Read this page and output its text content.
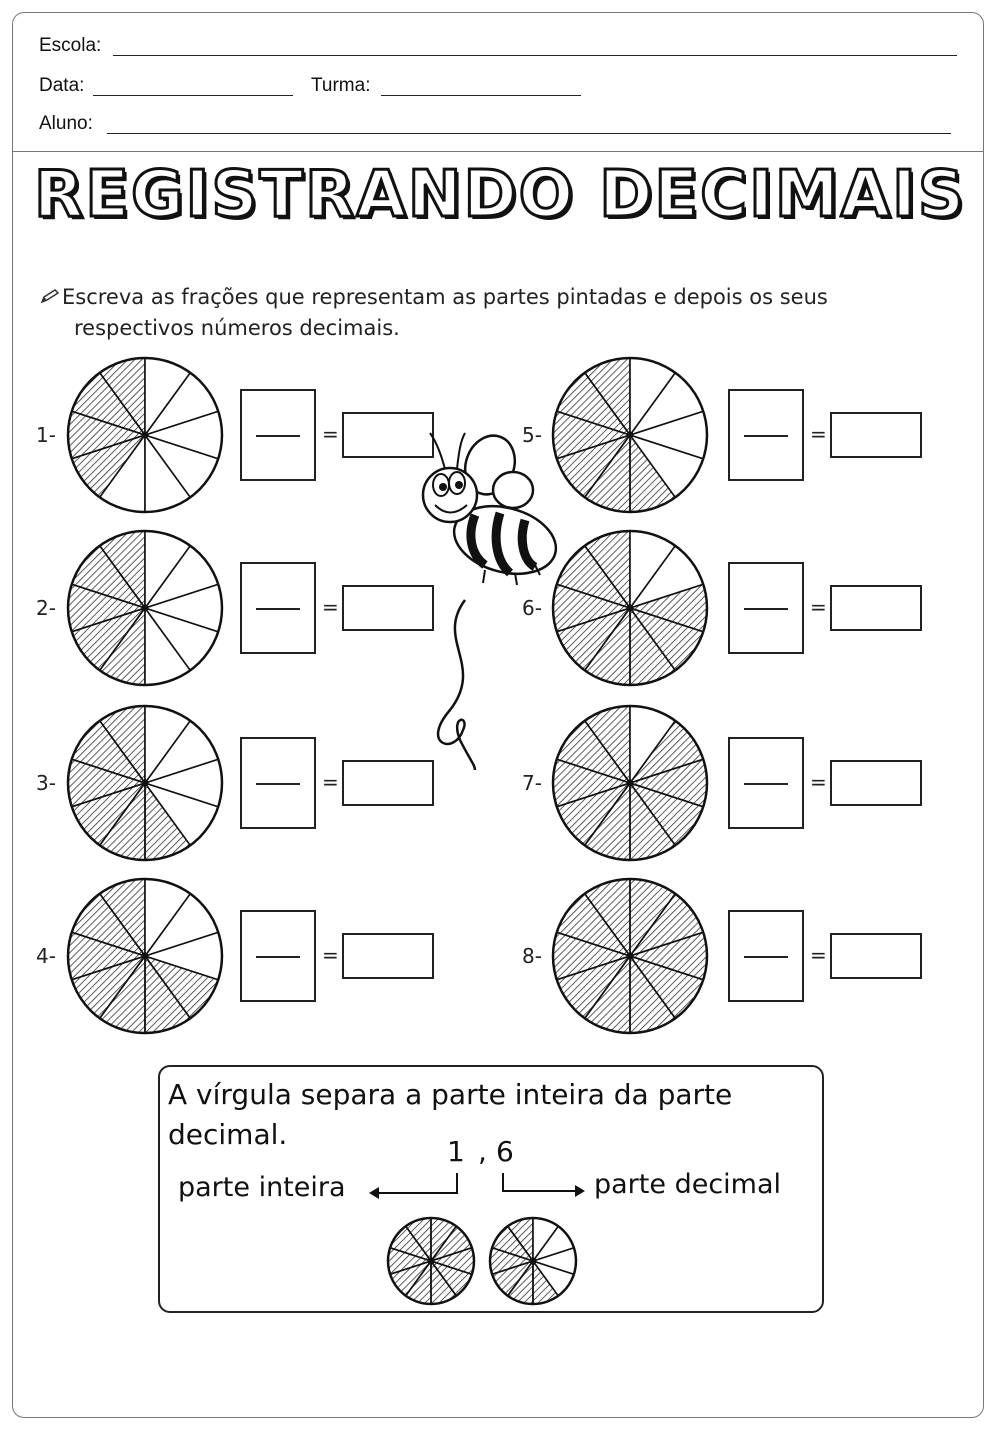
Escola:
Data:	Turma:
Aluno:
REGISTRANDO DECIMAIS
Escreva as frações que representam as partes pintadas e depois os seus
respectivos números decimais.
1-	=
2-	=
3-	=
4-	=
5-	=
6-	=
7-	=
8-	=
A vírgula separa a parte inteira da parte decimal.
1 , 6
parte inteira	parte decimal
